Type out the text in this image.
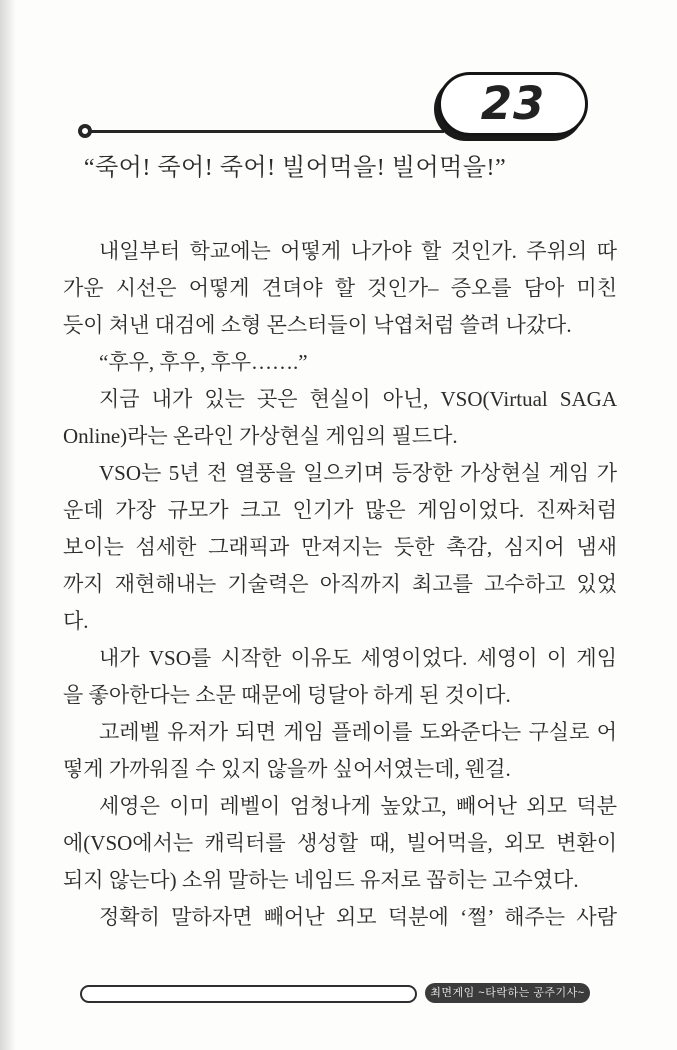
23
“죽어! 죽어! 죽어! 빌어먹을! 빌어먹을!”
내일부터 학교에는 어떻게 나가야 할 것인가. 주위의 따
가운 시선은 어떻게 견뎌야 할 것인가– 증오를 담아 미친
듯이 쳐낸 대검에 소형 몬스터들이 낙엽처럼 쓸려 나갔다.
“후우, 후우, 후우…….”
지금 내가 있는 곳은 현실이 아닌, VSO(Virtual SAGA
Online)라는 온라인 가상현실 게임의 필드다.
VSO는 5년 전 열풍을 일으키며 등장한 가상현실 게임 가
운데 가장 규모가 크고 인기가 많은 게임이었다. 진짜처럼
보이는 섬세한 그래픽과 만져지는 듯한 촉감, 심지어 냄새
까지 재현해내는 기술력은 아직까지 최고를 고수하고 있었
다.
내가 VSO를 시작한 이유도 세영이었다. 세영이 이 게임
을 좋아한다는 소문 때문에 덩달아 하게 된 것이다.
고레벨 유저가 되면 게임 플레이를 도와준다는 구실로 어
떻게 가까워질 수 있지 않을까 싶어서였는데, 웬걸.
세영은 이미 레벨이 엄청나게 높았고, 빼어난 외모 덕분
에(VSO에서는 캐릭터를 생성할 때, 빌어먹을, 외모 변환이
되지 않는다) 소위 말하는 네임드 유저로 꼽히는 고수였다.
정확히 말하자면 빼어난 외모 덕분에 ‘쩔’ 해주는 사람
최면게임 ~타락하는 공주기사~
